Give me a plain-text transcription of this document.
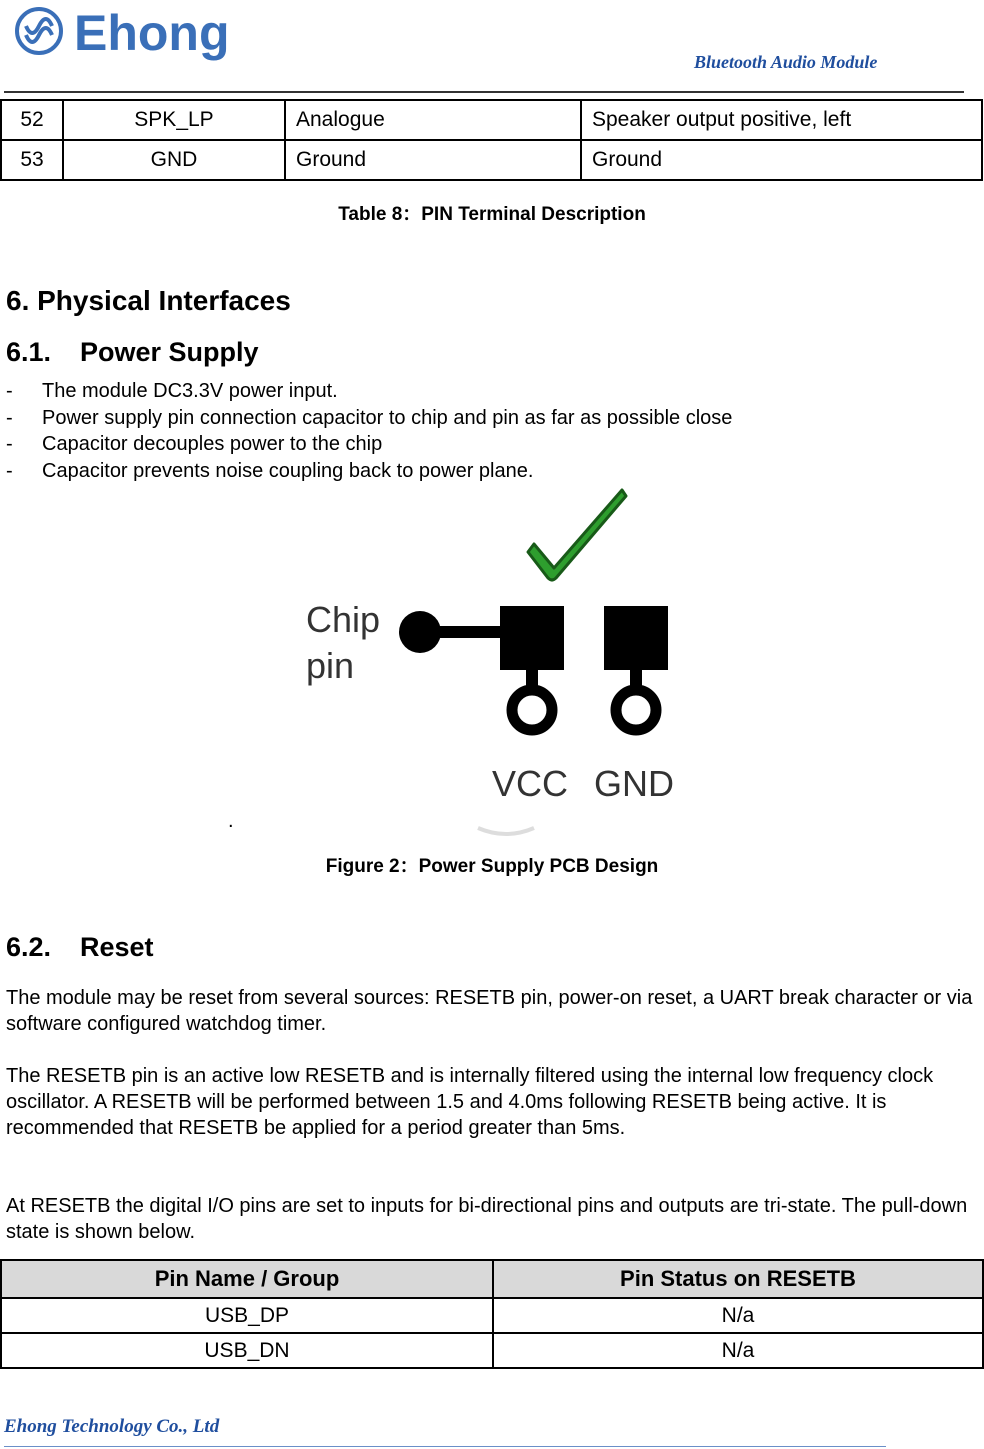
Ehong
Bluetooth Audio Module
52	SPK_LP	Analogue	Speaker output positive, left
53	GND	Ground	Ground
Table 8：PIN Terminal Description
6. Physical Interfaces
6.1. Power Supply
- The module DC3.3V power input.
- Power supply pin connection capacitor to chip and pin as far as possible close
- Capacitor decouples power to the chip
- Capacitor prevents noise coupling back to power plane.
Chip
pin
VCC GND
.
Figure 2：Power Supply PCB Design
6.2. Reset
The module may be reset from several sources: RESETB pin, power-on reset, a UART break character or via software configured watchdog timer.
The RESETB pin is an active low RESETB and is internally filtered using the internal low frequency clock oscillator. A RESETB will be performed between 1.5 and 4.0ms following RESETB being active. It is recommended that RESETB be applied for a period greater than 5ms.
At RESETB the digital I/O pins are set to inputs for bi-directional pins and outputs are tri-state. The pull-down state is shown below.
Pin Name / Group	Pin Status on RESETB
USB_DP	N/a
USB_DN	N/a
Ehong Technology Co., Ltd
